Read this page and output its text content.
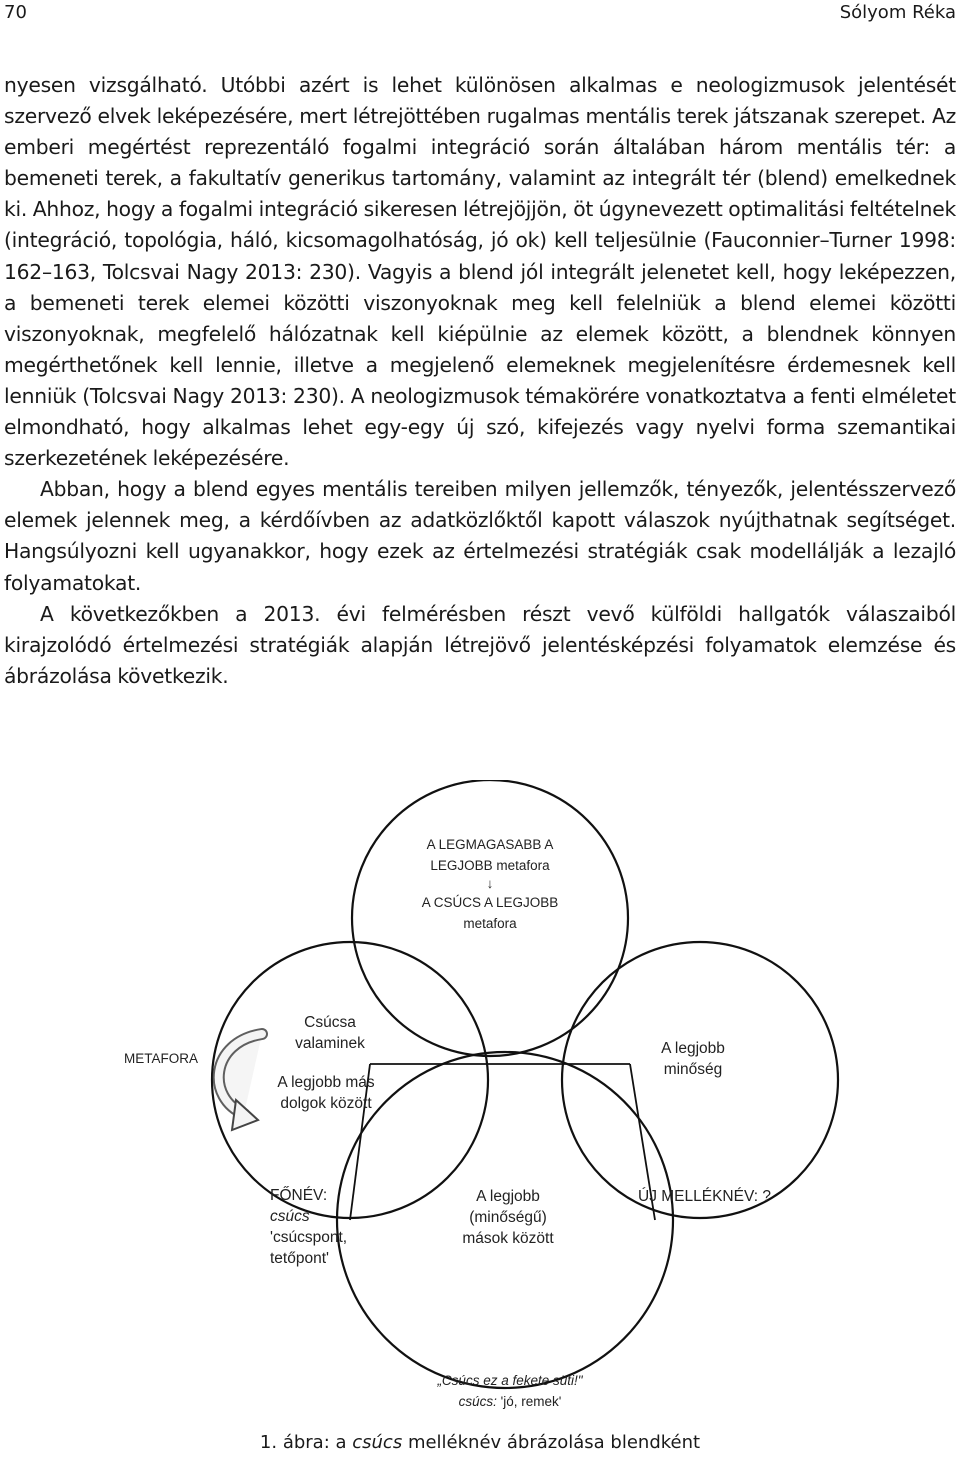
70	Sólyom Réka

nyesen vizsgálható. Utóbbi azért is lehet különösen alkalmas e neologizmusok jelentését szervező elvek leképezésére, mert létrejöttében rugalmas mentális terek játszanak szerepet. Az emberi megértést reprezentáló fogalmi integráció során általában három mentális tér: a bemeneti terek, a fakultatív generikus tartomány, valamint az integrált tér (blend) emelkednek ki. Ahhoz, hogy a fogalmi integráció sikeresen létrejöjjön, öt úgynevezett optimalitási feltételnek (integráció, topológia, háló, kicsomagolhatóság, jó ok) kell teljesülnie (Fauconnier–Turner 1998: 162–163, Tolcsvai Nagy 2013: 230). Vagyis a blend jól integrált jelenetet kell, hogy leképezzen, a bemeneti terek elemei közötti viszonyoknak meg kell felelniük a blend elemei közötti viszonyoknak, megfelelő hálózatnak kell kiépülnie az elemek között, a blendnek könnyen megérthetőnek kell lennie, illetve a megjelenő elemeknek megjelenítésre érdemesnek kell lenniük (Tolcsvai Nagy 2013: 230). A neologizmusok témakörére vonatkoztatva a fenti elméletet elmondható, hogy alkalmas lehet egy-egy új szó, kifejezés vagy nyelvi forma szemantikai szerkezetének leképezésére.

Abban, hogy a blend egyes mentális tereiben milyen jellemzők, tényezők, jelentésszervező elemek jelennek meg, a kérdőívben az adatközlőktől kapott válaszok nyújthatnak segítséget. Hangsúlyozni kell ugyanakkor, hogy ezek az értelmezési stratégiák csak modellálják a lezajló folyamatokat.

A következőkben a 2013. évi felmérésben részt vevő külföldi hallgatók válaszaiból kirajzolódó értelmezési stratégiák alapján létrejövő jelentésképzési folyamatok elemzése és ábrázolása következik.

A LEGMAGASABB A
LEGJOBB metafora
↓
A CSÚCS A LEGJOBB
metafora
METAFORA
Csúcsa
valaminek
A legjobb más
dolgok között
A legjobb
minőség
FŐNÉV:
csúcs
'csúcspont,
tetőpont'
A legjobb
(minőségű)
mások között
ÚJ MELLÉKNÉV: ?
„Csúcs ez a fekete süti!"
csúcs: 'jó, remek'
1. ábra: a csúcs melléknév ábrázolása blendként
